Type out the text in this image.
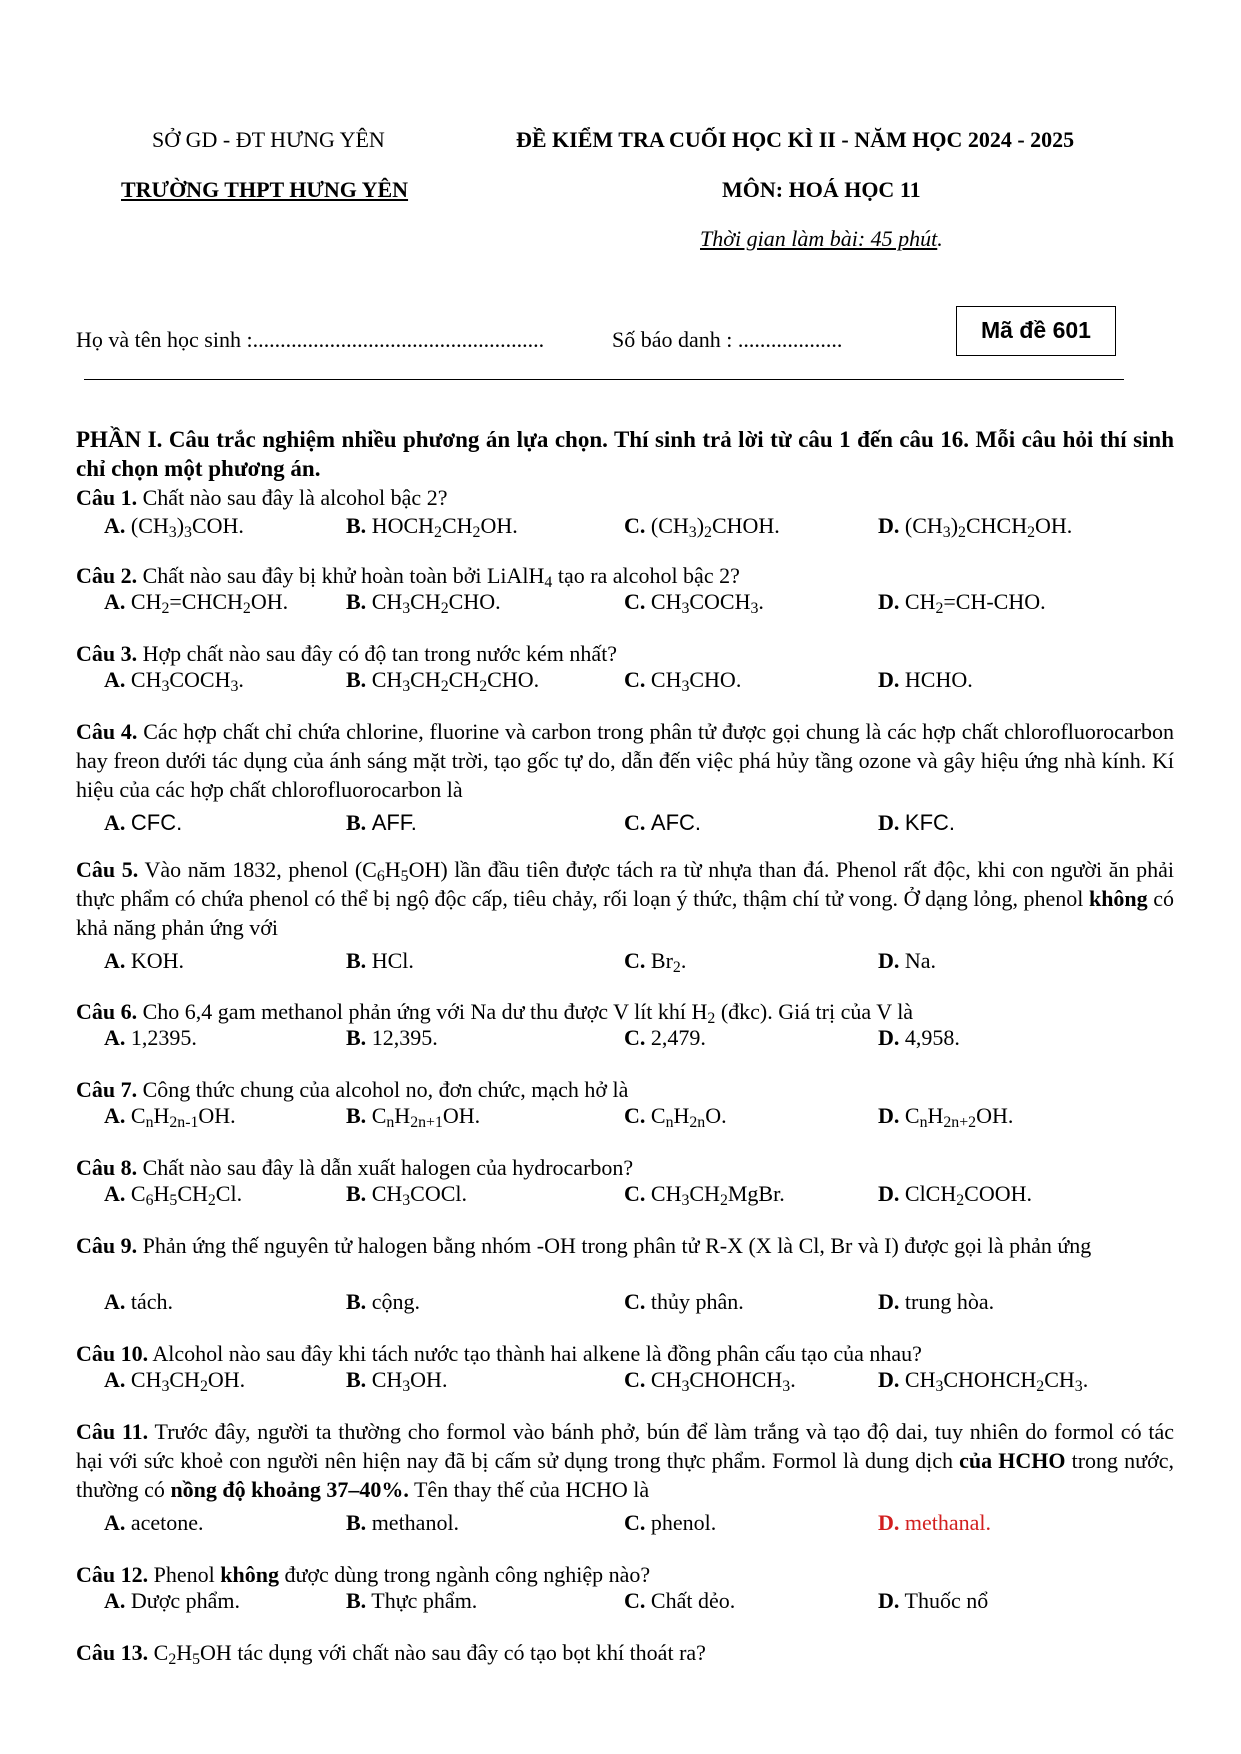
SỞ GD - ĐT HƯNG YÊN
TRƯỜNG THPT HƯNG YÊN
ĐỀ KIỂM TRA CUỐI HỌC KÌ II - NĂM HỌC 2024 - 2025
MÔN: HOÁ HỌC 11
Thời gian làm bài: 45 phút.
Họ và tên học sinh :.....................................................	Số báo danh : ...................	Mã đề 601
PHẦN I. Câu trắc nghiệm nhiều phương án lựa chọn. Thí sinh trả lời từ câu 1 đến câu 16. Mỗi câu hỏi thí sinh chỉ chọn một phương án.
Câu 1. Chất nào sau đây là alcohol bậc 2?
A. $(CH_3)_3COH$.	B. $HOCH_2CH_2OH$.	C. $(CH_3)_2CHOH$.	D. $(CH_3)_2CHCH_2OH$.
Câu 2. Chất nào sau đây bị khử hoàn toàn bởi LiAlH$_4$ tạo ra alcohol bậc 2?
A. $CH_2=CHCH_2OH$.	B. $CH_3CH_2CHO$.	C. $CH_3COCH_3$.	D. $CH_2=CH$-CHO.
Câu 3. Hợp chất nào sau đây có độ tan trong nước kém nhất?
A. $CH_3COCH_3$.	B. $CH_3CH_2CH_2CHO$.	C. $CH_3CHO$.	D. HCHO.
Câu 4. Các hợp chất chỉ chứa chlorine, fluorine và carbon trong phân tử được gọi chung là các hợp chất chlorofluorocarbon hay freon dưới tác dụng của ánh sáng mặt trời, tạo gốc tự do, dẫn đến việc phá hủy tầng ozone và gây hiệu ứng nhà kính. Kí hiệu của các hợp chất chlorofluorocarbon là
A. CFC.	B. AFF.	C. AFC.	D. KFC.
Câu 5. Vào năm 1832, phenol $(C_6H_5OH)$ lần đầu tiên được tách ra từ nhựa than đá. Phenol rất độc, khi con người ăn phải thực phẩm có chứa phenol có thể bị ngộ độc cấp, tiêu chảy, rối loạn ý thức, thậm chí tử vong. Ở dạng lỏng, phenol không có khả năng phản ứng với
A. KOH.	B. HCl.	C. $Br_2$.	D. Na.
Câu 6. Cho 6,4 gam methanol phản ứng với Na dư thu được V lít khí $H_2$ (đkc). Giá trị của V là
A. 1,2395.	B. 12,395.	C. 2,479.	D. 4,958.
Câu 7. Công thức chung của alcohol no, đơn chức, mạch hở là
A. $C_nH_{2n-1}OH$.	B. $C_nH_{2n+1}OH$.	C. $C_nH_{2n}O$.	D. $C_nH_{2n+2}OH$.
Câu 8. Chất nào sau đây là dẫn xuất halogen của hydrocarbon?
A. $C_6H_5CH_2Cl$.	B. $CH_3COCl$.	C. $CH_3CH_2MgBr$.	D. ClCH$_2$COOH.
Câu 9. Phản ứng thế nguyên tử halogen bằng nhóm -OH trong phân tử R-X (X là Cl, Br và I) được gọi là phản ứng
A. tách.	B. cộng.	C. thủy phân.	D. trung hòa.
Câu 10. Alcohol nào sau đây khi tách nước tạo thành hai alkene là đồng phân cấu tạo của nhau?
A. $CH_3CH_2OH$.	B. $CH_3OH$.	C. $CH_3CHOHCH_3$.	D. $CH_3CHOHCH_2CH_3$.
Câu 11. Trước đây, người ta thường cho formol vào bánh phở, bún để làm trắng và tạo độ dai, tuy nhiên do formol có tác hại với sức khoẻ con người nên hiện nay đã bị cấm sử dụng trong thực phẩm. Formol là dung dịch của HCHO trong nước, thường có nồng độ khoảng 37–40%. Tên thay thế của HCHO là
A. acetone.	B. methanol.	C. phenol.	D. methanal.
Câu 12. Phenol không được dùng trong ngành công nghiệp nào?
A. Dược phẩm.	B. Thực phẩm.	C. Chất dẻo.	D. Thuốc nổ
Câu 13. $C_2H_5OH$ tác dụng với chất nào sau đây có tạo bọt khí thoát ra?
